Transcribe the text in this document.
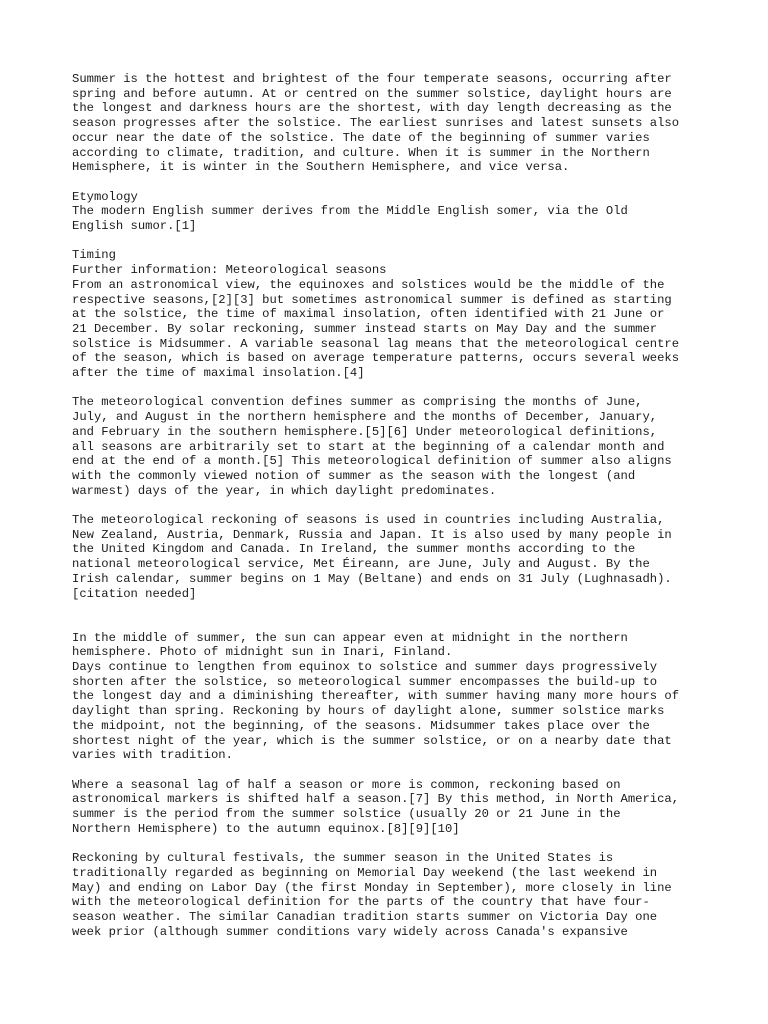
Summer is the hottest and brightest of the four temperate seasons, occurring after

spring and before autumn. At or centred on the summer solstice, daylight hours are

the longest and darkness hours are the shortest, with day length decreasing as the

season progresses after the solstice. The earliest sunrises and latest sunsets also

occur near the date of the solstice. The date of the beginning of summer varies

according to climate, tradition, and culture. When it is summer in the Northern

Hemisphere, it is winter in the Southern Hemisphere, and vice versa.

Etymology

The modern English summer derives from the Middle English somer, via the Old

English sumor.[1]

Timing

Further information: Meteorological seasons

From an astronomical view, the equinoxes and solstices would be the middle of the

respective seasons,[2][3] but sometimes astronomical summer is defined as starting

at the solstice, the time of maximal insolation, often identified with 21 June or

21 December. By solar reckoning, summer instead starts on May Day and the summer

solstice is Midsummer. A variable seasonal lag means that the meteorological centre

of the season, which is based on average temperature patterns, occurs several weeks

after the time of maximal insolation.[4]

The meteorological convention defines summer as comprising the months of June,

July, and August in the northern hemisphere and the months of December, January,

and February in the southern hemisphere.[5][6] Under meteorological definitions,

all seasons are arbitrarily set to start at the beginning of a calendar month and

end at the end of a month.[5] This meteorological definition of summer also aligns

with the commonly viewed notion of summer as the season with the longest (and

warmest) days of the year, in which daylight predominates.

The meteorological reckoning of seasons is used in countries including Australia,

New Zealand, Austria, Denmark, Russia and Japan. It is also used by many people in

the United Kingdom and Canada. In Ireland, the summer months according to the

national meteorological service, Met Éireann, are June, July and August. By the

Irish calendar, summer begins on 1 May (Beltane) and ends on 31 July (Lughnasadh).

[citation needed]

In the middle of summer, the sun can appear even at midnight in the northern

hemisphere. Photo of midnight sun in Inari, Finland.

Days continue to lengthen from equinox to solstice and summer days progressively

shorten after the solstice, so meteorological summer encompasses the build-up to

the longest day and a diminishing thereafter, with summer having many more hours of

daylight than spring. Reckoning by hours of daylight alone, summer solstice marks

the midpoint, not the beginning, of the seasons. Midsummer takes place over the

shortest night of the year, which is the summer solstice, or on a nearby date that

varies with tradition.

Where a seasonal lag of half a season or more is common, reckoning based on

astronomical markers is shifted half a season.[7] By this method, in North America,

summer is the period from the summer solstice (usually 20 or 21 June in the

Northern Hemisphere) to the autumn equinox.[8][9][10]

Reckoning by cultural festivals, the summer season in the United States is

traditionally regarded as beginning on Memorial Day weekend (the last weekend in

May) and ending on Labor Day (the first Monday in September), more closely in line

with the meteorological definition for the parts of the country that have four-

season weather. The similar Canadian tradition starts summer on Victoria Day one

week prior (although summer conditions vary widely across Canada's expansive
